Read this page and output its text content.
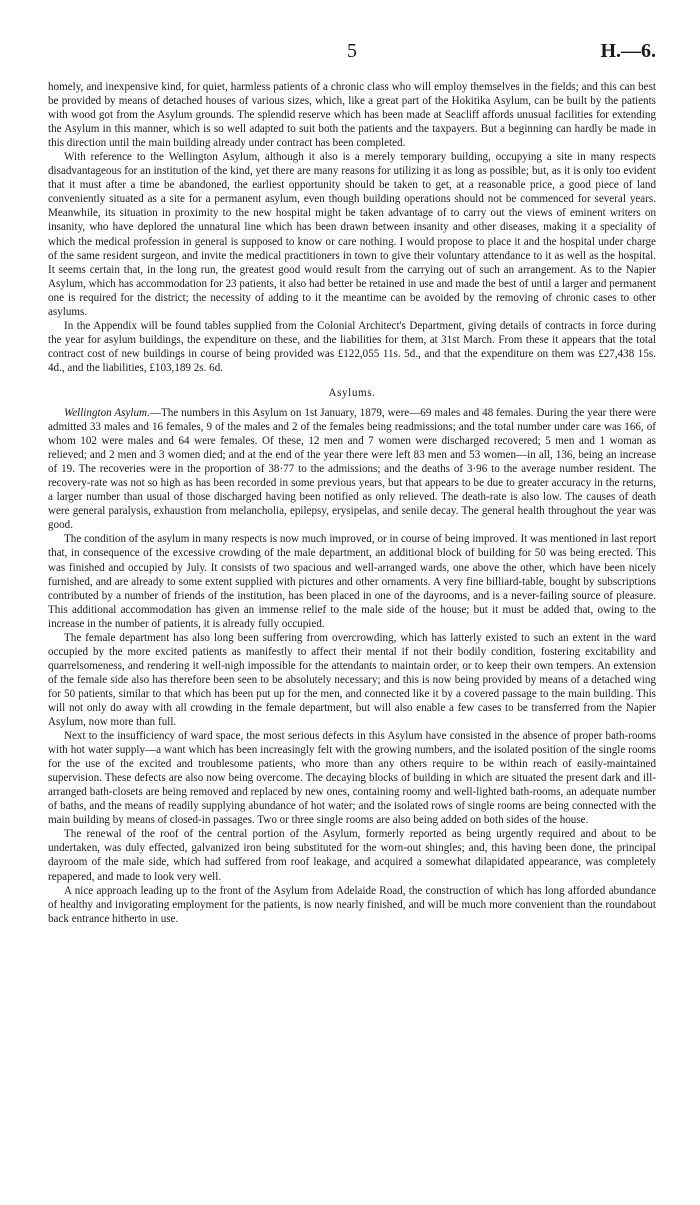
5	H.—6.

homely, and inexpensive kind, for quiet, harmless patients of a chronic class who will employ themselves in the fields; and this can best be provided by means of detached houses of various sizes, which, like a great part of the Hokitika Asylum, can be built by the patients with wood got from the Asylum grounds. The splendid reserve which has been made at Seacliff affords unusual facilities for extending the Asylum in this manner, which is so well adapted to suit both the patients and the taxpayers. But a beginning can hardly be made in this direction until the main building already under contract has been completed.

With reference to the Wellington Asylum, although it also is a merely temporary building, occupying a site in many respects disadvantageous for an institution of the kind, yet there are many reasons for utilizing it as long as possible; but, as it is only too evident that it must after a time be abandoned, the earliest opportunity should be taken to get, at a reasonable price, a good piece of land conveniently situated as a site for a permanent asylum, even though building operations should not be commenced for several years. Meanwhile, its situation in proximity to the new hospital might be taken advantage of to carry out the views of eminent writers on insanity, who have deplored the unnatural line which has been drawn between insanity and other diseases, making it a speciality of which the medical profession in general is supposed to know or care nothing. I would propose to place it and the hospital under charge of the same resident surgeon, and invite the medical practitioners in town to give their voluntary attendance to it as well as the hospital. It seems certain that, in the long run, the greatest good would result from the carrying out of such an arrangement. As to the Napier Asylum, which has accommodation for 23 patients, it also had better be retained in use and made the best of until a larger and permanent one is required for the district; the necessity of adding to it the meantime can be avoided by the removing of chronic cases to other asylums.

In the Appendix will be found tables supplied from the Colonial Architect's Department, giving details of contracts in force during the year for asylum buildings, the expenditure on these, and the liabilities for them, at 31st March. From these it appears that the total contract cost of new buildings in course of being provided was £122,055 11s. 5d., and that the expenditure on them was £27,438 15s. 4d., and the liabilities, £103,189 2s. 6d.

Asylums.

Wellington Asylum.—The numbers in this Asylum on 1st January, 1879, were—69 males and 48 females. During the year there were admitted 33 males and 16 females, 9 of the males and 2 of the females being readmissions; and the total number under care was 166, of whom 102 were males and 64 were females. Of these, 12 men and 7 women were discharged recovered; 5 men and 1 woman as relieved; and 2 men and 3 women died; and at the end of the year there were left 83 men and 53 women—in all, 136, being an increase of 19. The recoveries were in the proportion of 38·77 to the admissions; and the deaths of 3·96 to the average number resident. The recovery-rate was not so high as has been recorded in some previous years, but that appears to be due to greater accuracy in the returns, a larger number than usual of those discharged having been notified as only relieved. The death-rate is also low. The causes of death were general paralysis, exhaustion from melancholia, epilepsy, erysipelas, and senile decay. The general health throughout the year was good.

The condition of the asylum in many respects is now much improved, or in course of being improved. It was mentioned in last report that, in consequence of the excessive crowding of the male department, an additional block of building for 50 was being erected. This was finished and occupied by July. It consists of two spacious and well-arranged wards, one above the other, which have been nicely furnished, and are already to some extent supplied with pictures and other ornaments. A very fine billiard-table, bought by subscriptions contributed by a number of friends of the institution, has been placed in one of the dayrooms, and is a never-failing source of pleasure. This additional accommodation has given an immense relief to the male side of the house; but it must be added that, owing to the increase in the number of patients, it is already fully occupied.

The female department has also long been suffering from overcrowding, which has latterly existed to such an extent in the ward occupied by the more excited patients as manifestly to affect their mental if not their bodily condition, fostering excitability and quarrelsomeness, and rendering it well-nigh impossible for the attendants to maintain order, or to keep their own tempers. An extension of the female side also has therefore been seen to be absolutely necessary; and this is now being provided by means of a detached wing for 50 patients, similar to that which has been put up for the men, and connected like it by a covered passage to the main building. This will not only do away with all crowding in the female department, but will also enable a few cases to be transferred from the Napier Asylum, now more than full.

Next to the insufficiency of ward space, the most serious defects in this Asylum have consisted in the absence of proper bath-rooms with hot water supply—a want which has been increasingly felt with the growing numbers, and the isolated position of the single rooms for the use of the excited and troublesome patients, who more than any others require to be within reach of easily-maintained supervision. These defects are also now being overcome. The decaying blocks of building in which are situated the present dark and ill-arranged bath-closets are being removed and replaced by new ones, containing roomy and well-lighted bath-rooms, an adequate number of baths, and the means of readily supplying abundance of hot water; and the isolated rows of single rooms are being connected with the main building by means of closed-in passages. Two or three single rooms are also being added on both sides of the house.

The renewal of the roof of the central portion of the Asylum, formerly reported as being urgently required and about to be undertaken, was duly effected, galvanized iron being substituted for the worn-out shingles; and, this having been done, the principal dayroom of the male side, which had suffered from roof leakage, and acquired a somewhat dilapidated appearance, was completely repapered, and made to look very well.

A nice approach leading up to the front of the Asylum from Adelaide Road, the construction of which has long afforded abundance of healthy and invigorating employment for the patients, is now nearly finished, and will be much more convenient than the roundabout back entrance hitherto in use.
